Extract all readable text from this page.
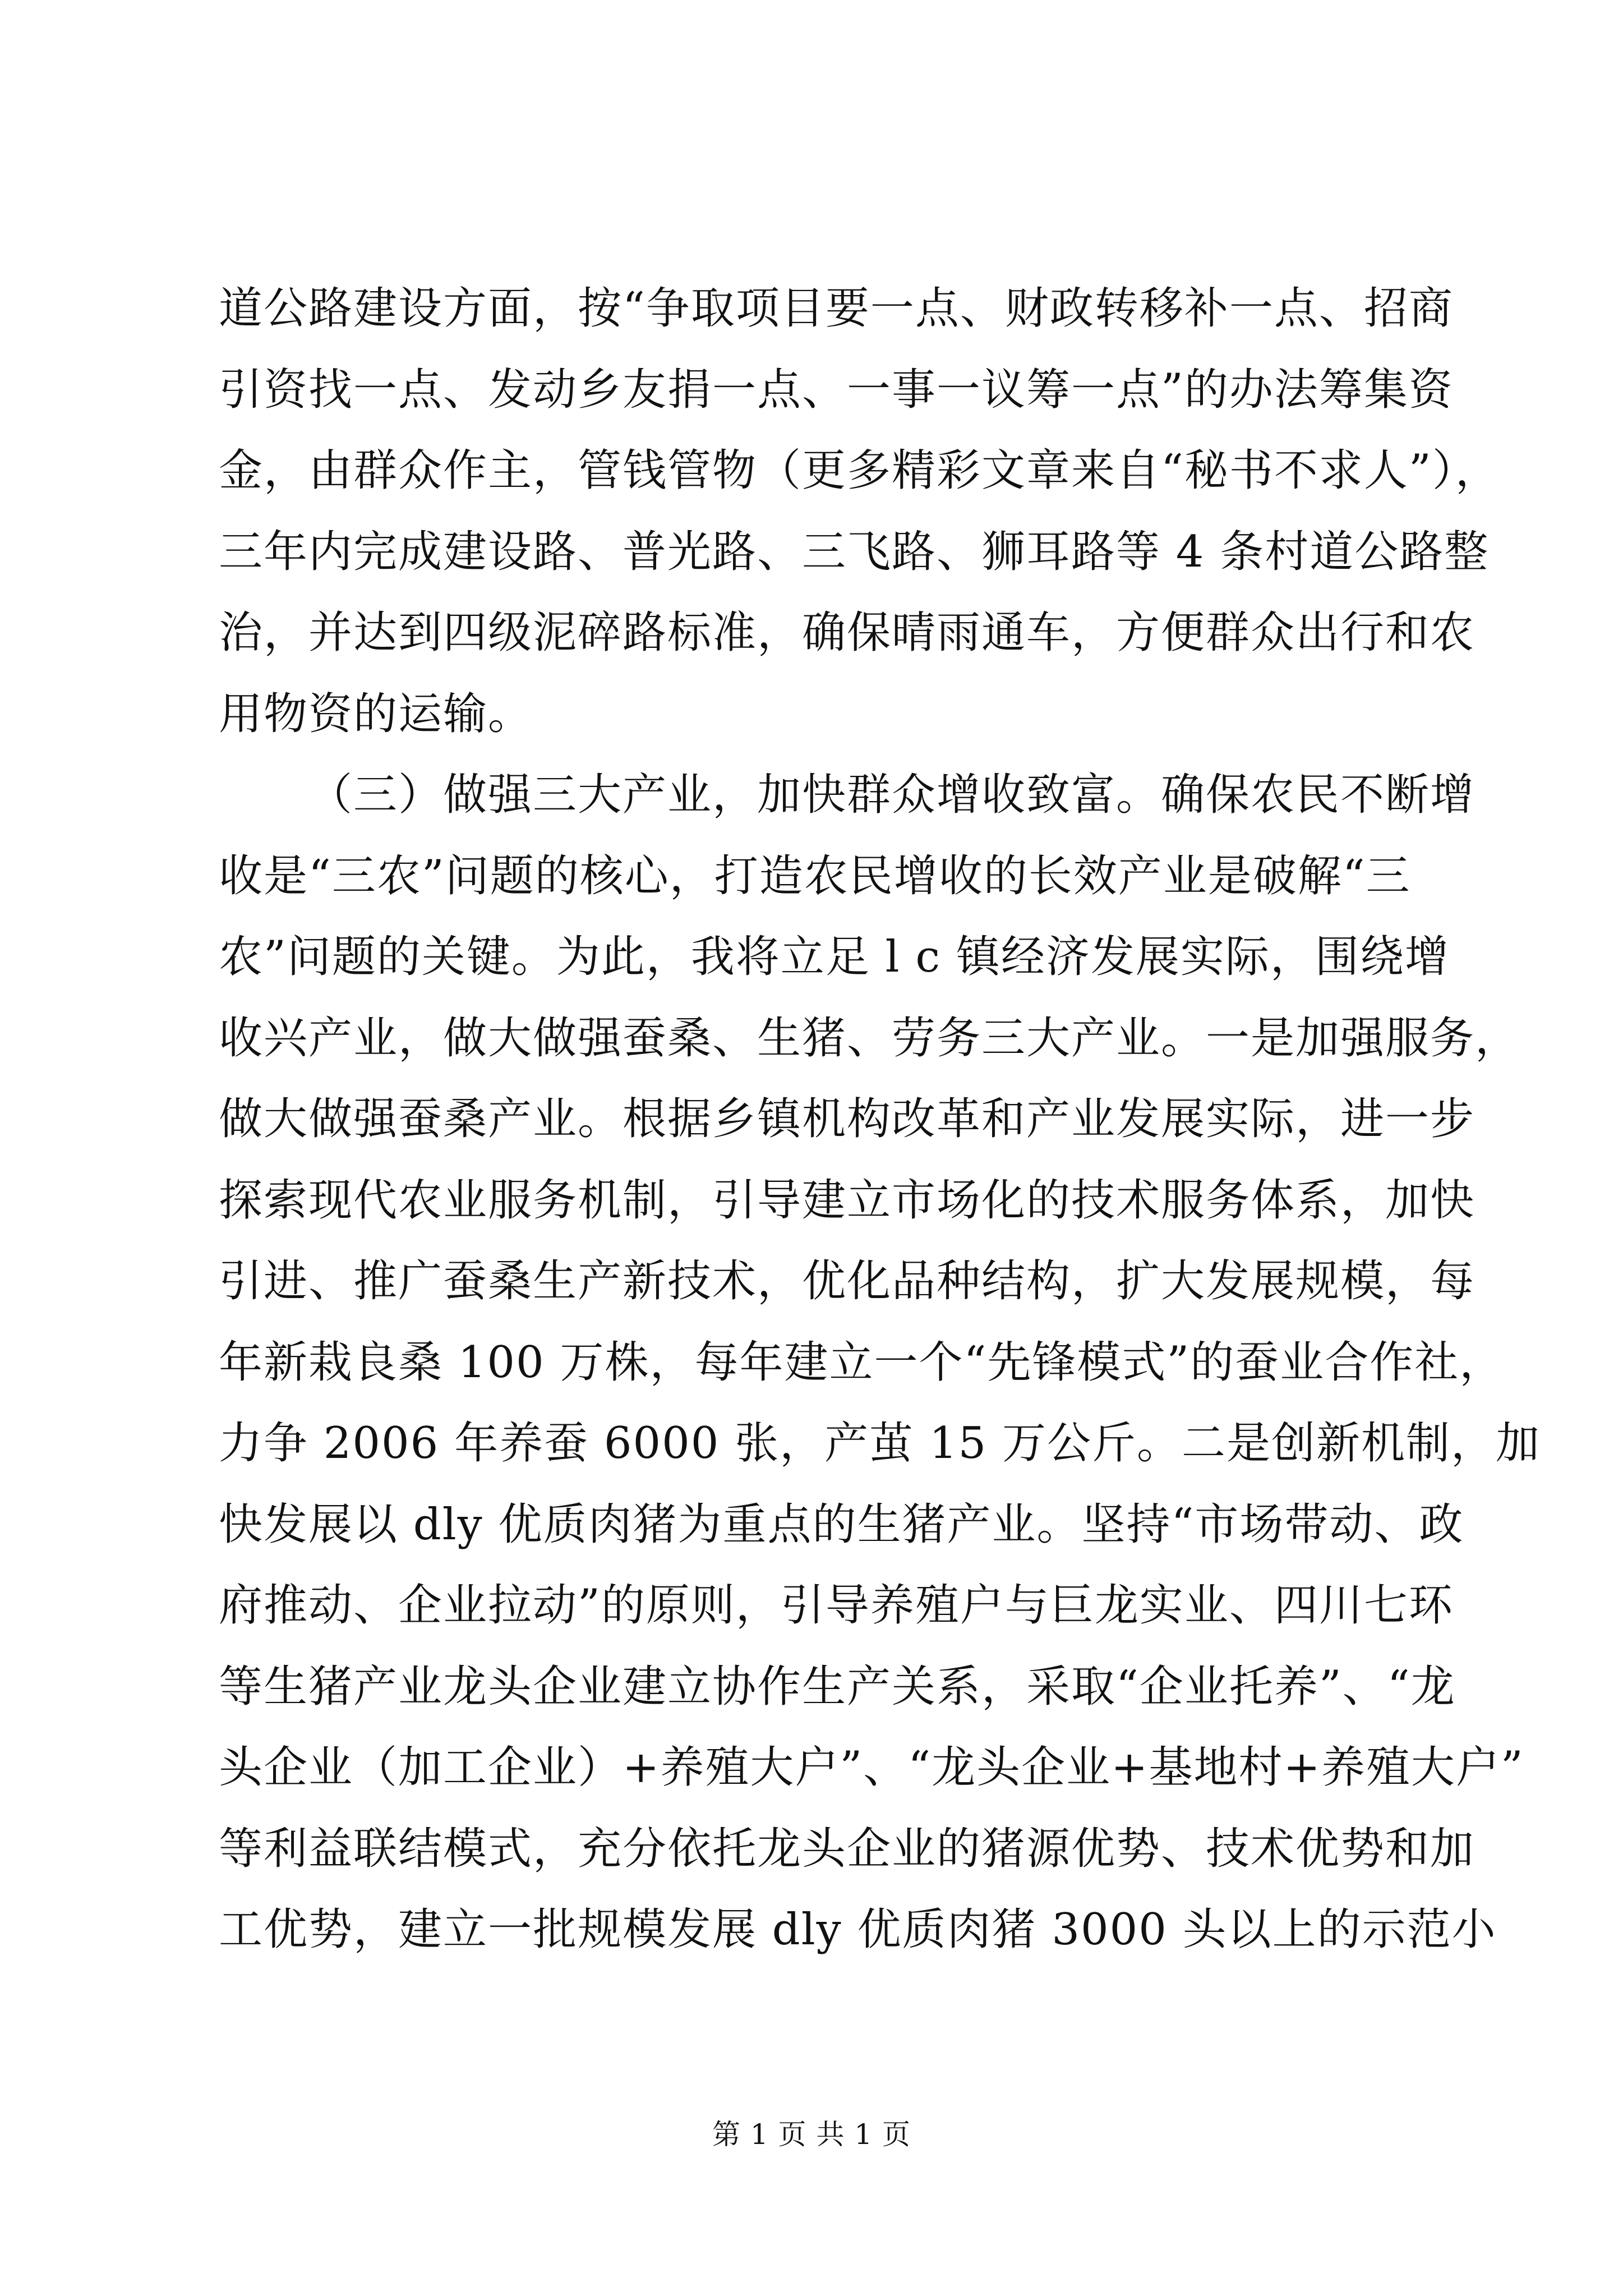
道公路建设方面，按“争取项目要一点、财政转移补一点、招商
引资找一点、发动乡友捐一点、一事一议筹一点”的办法筹集资
金，由群众作主，管钱管物（更多精彩文章来自“秘书不求人”），
三年内完成建设路、普光路、三飞路、狮耳路等 4 条村道公路整
治，并达到四级泥碎路标准，确保晴雨通车，方便群众出行和农
用物资的运输。
（三）做强三大产业，加快群众增收致富。确保农民不断增
收是“三农”问题的核心，打造农民增收的长效产业是破解“三
农”问题的关键。为此，我将立足 l c 镇经济发展实际，围绕增
收兴产业，做大做强蚕桑、生猪、劳务三大产业。一是加强服务，
做大做强蚕桑产业。根据乡镇机构改革和产业发展实际，进一步
探索现代农业服务机制，引导建立市场化的技术服务体系，加快
引进、推广蚕桑生产新技术，优化品种结构，扩大发展规模，每
年新栽良桑 100 万株，每年建立一个“先锋模式”的蚕业合作社，
力争 2006 年养蚕 6000 张，产茧 15 万公斤。二是创新机制，加
快发展以 dly 优质肉猪为重点的生猪产业。坚持“市场带动、政
府推动、企业拉动”的原则，引导养殖户与巨龙实业、四川七环
等生猪产业龙头企业建立协作生产关系，采取“企业托养”、“龙
头企业（加工企业）+养殖大户”、“龙头企业+基地村+养殖大户”
等利益联结模式，充分依托龙头企业的猪源优势、技术优势和加
工优势，建立一批规模发展 dly 优质肉猪 3000 头以上的示范小
第 1 页 共 1 页
